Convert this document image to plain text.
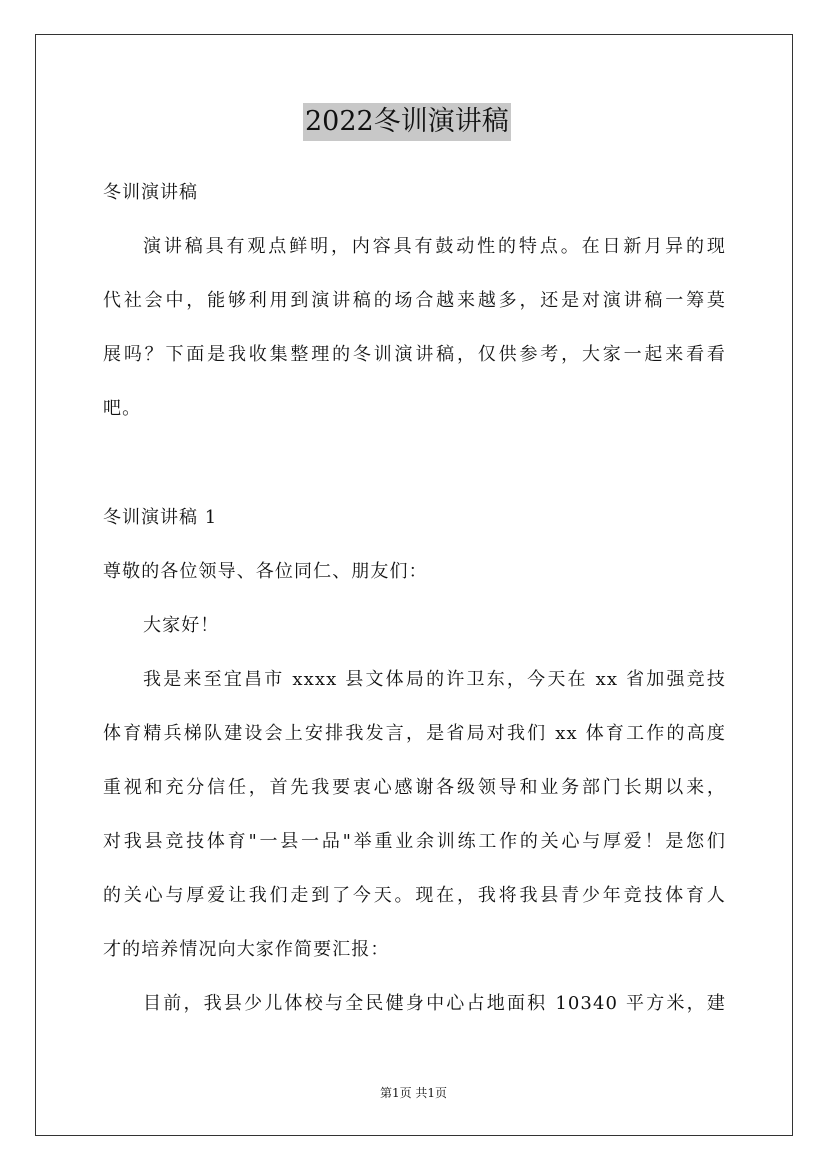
2022冬训演讲稿
冬训演讲稿
演讲稿具有观点鲜明，内容具有鼓动性的特点。在日新月异的现
代社会中，能够利用到演讲稿的场合越来越多，还是对演讲稿一筹莫
展吗？下面是我收集整理的冬训演讲稿，仅供参考，大家一起来看看
吧。
冬训演讲稿 1
尊敬的各位领导、各位同仁、朋友们：
大家好！
我是来至宜昌市 xxxx 县文体局的许卫东，今天在 xx 省加强竞技
体育精兵梯队建设会上安排我发言，是省局对我们 xx 体育工作的高度
重视和充分信任，首先我要衷心感谢各级领导和业务部门长期以来，
对我县竞技体育"一县一品"举重业余训练工作的关心与厚爱！是您们
的关心与厚爱让我们走到了今天。现在，我将我县青少年竞技体育人
才的培养情况向大家作简要汇报：
目前，我县少儿体校与全民健身中心占地面积 10340 平方米，建
第1页 共1页
